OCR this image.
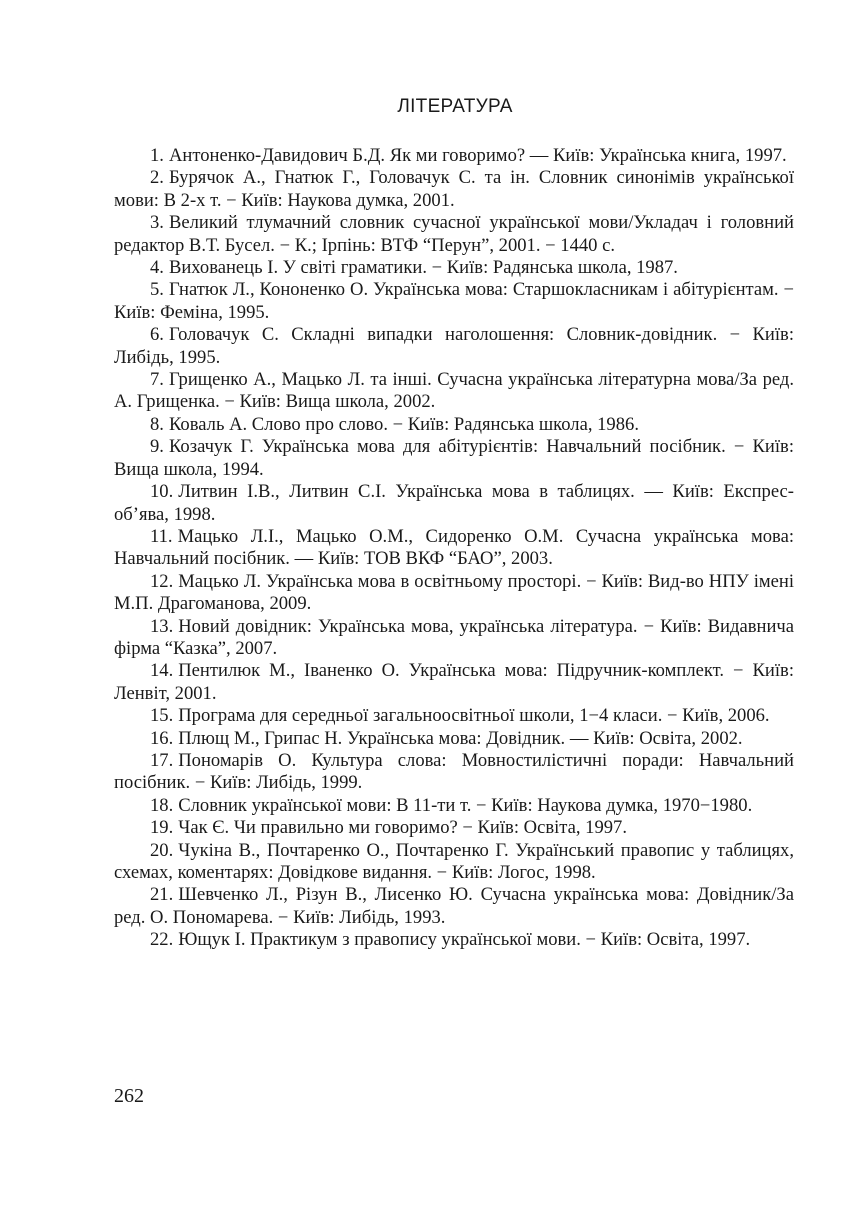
ЛІТЕРАТУРА
1. Антоненко-Давидович Б.Д. Як ми говоримо? — Київ: Українська книга, 1997.
2. Бурячок А., Гнатюк Г., Головачук С. та ін. Словник синонімів української мови: В 2-х т. − Київ: Наукова думка, 2001.
3. Великий тлумачний словник сучасної української мови/Укладач і головний редактор В.Т. Бусел. − К.; Ірпінь: ВТФ “Перун”, 2001. − 1440 с.
4. Вихованець І. У світі граматики. − Київ: Радянська школа, 1987.
5. Гнатюк Л., Кононенко О. Українська мова: Старшокласникам і абітурієнтам. − Київ: Феміна, 1995.
6. Головачук С. Складні випадки наголошення: Словник-довідник. − Київ: Либідь, 1995.
7. Грищенко А., Мацько Л. та інші. Сучасна українська літературна мова/За ред. А. Грищенка. − Київ: Вища школа, 2002.
8. Коваль А. Слово про слово. − Київ: Радянська школа, 1986.
9. Козачук Г. Українська мова для абітурієнтів: Навчальний посібник. − Київ: Вища школа, 1994.
10. Литвин І.В., Литвин С.І. Українська мова в таблицях. — Київ: Експрес-об’ява, 1998.
11. Мацько Л.І., Мацько О.М., Сидоренко О.М. Сучасна українська мова: Навчальний посібник. — Київ: ТОВ ВКФ “БАО”, 2003.
12. Мацько Л. Українська мова в освітньому просторі. − Київ: Вид-во НПУ імені М.П. Драгоманова, 2009.
13. Новий довідник: Українська мова, українська література. − Київ: Видавнича фірма “Казка”, 2007.
14. Пентилюк М., Іваненко О. Українська мова: Підручник-комплект. − Київ: Ленвіт, 2001.
15. Програма для середньої загальноосвітньої школи, 1−4 класи. − Київ, 2006.
16. Плющ М., Грипас Н. Українська мова: Довідник. — Київ: Освіта, 2002.
17. Пономарів О. Культура слова: Мовностилістичні поради: Навчальний посібник. − Київ: Либідь, 1999.
18. Словник української мови: В 11-ти т. − Київ: Наукова думка, 1970−1980.
19. Чак Є. Чи правильно ми говоримо? − Київ: Освіта, 1997.
20. Чукіна В., Почтаренко О., Почтаренко Г. Український правопис у таблицях, схемах, коментарях: Довідкове видання. − Київ: Логос, 1998.
21. Шевченко Л., Різун В., Лисенко Ю. Сучасна українська мова: Довідник/За ред. О. Пономарева. − Київ: Либідь, 1993.
22. Ющук І. Практикум з правопису української мови. − Київ: Освіта, 1997.

262
